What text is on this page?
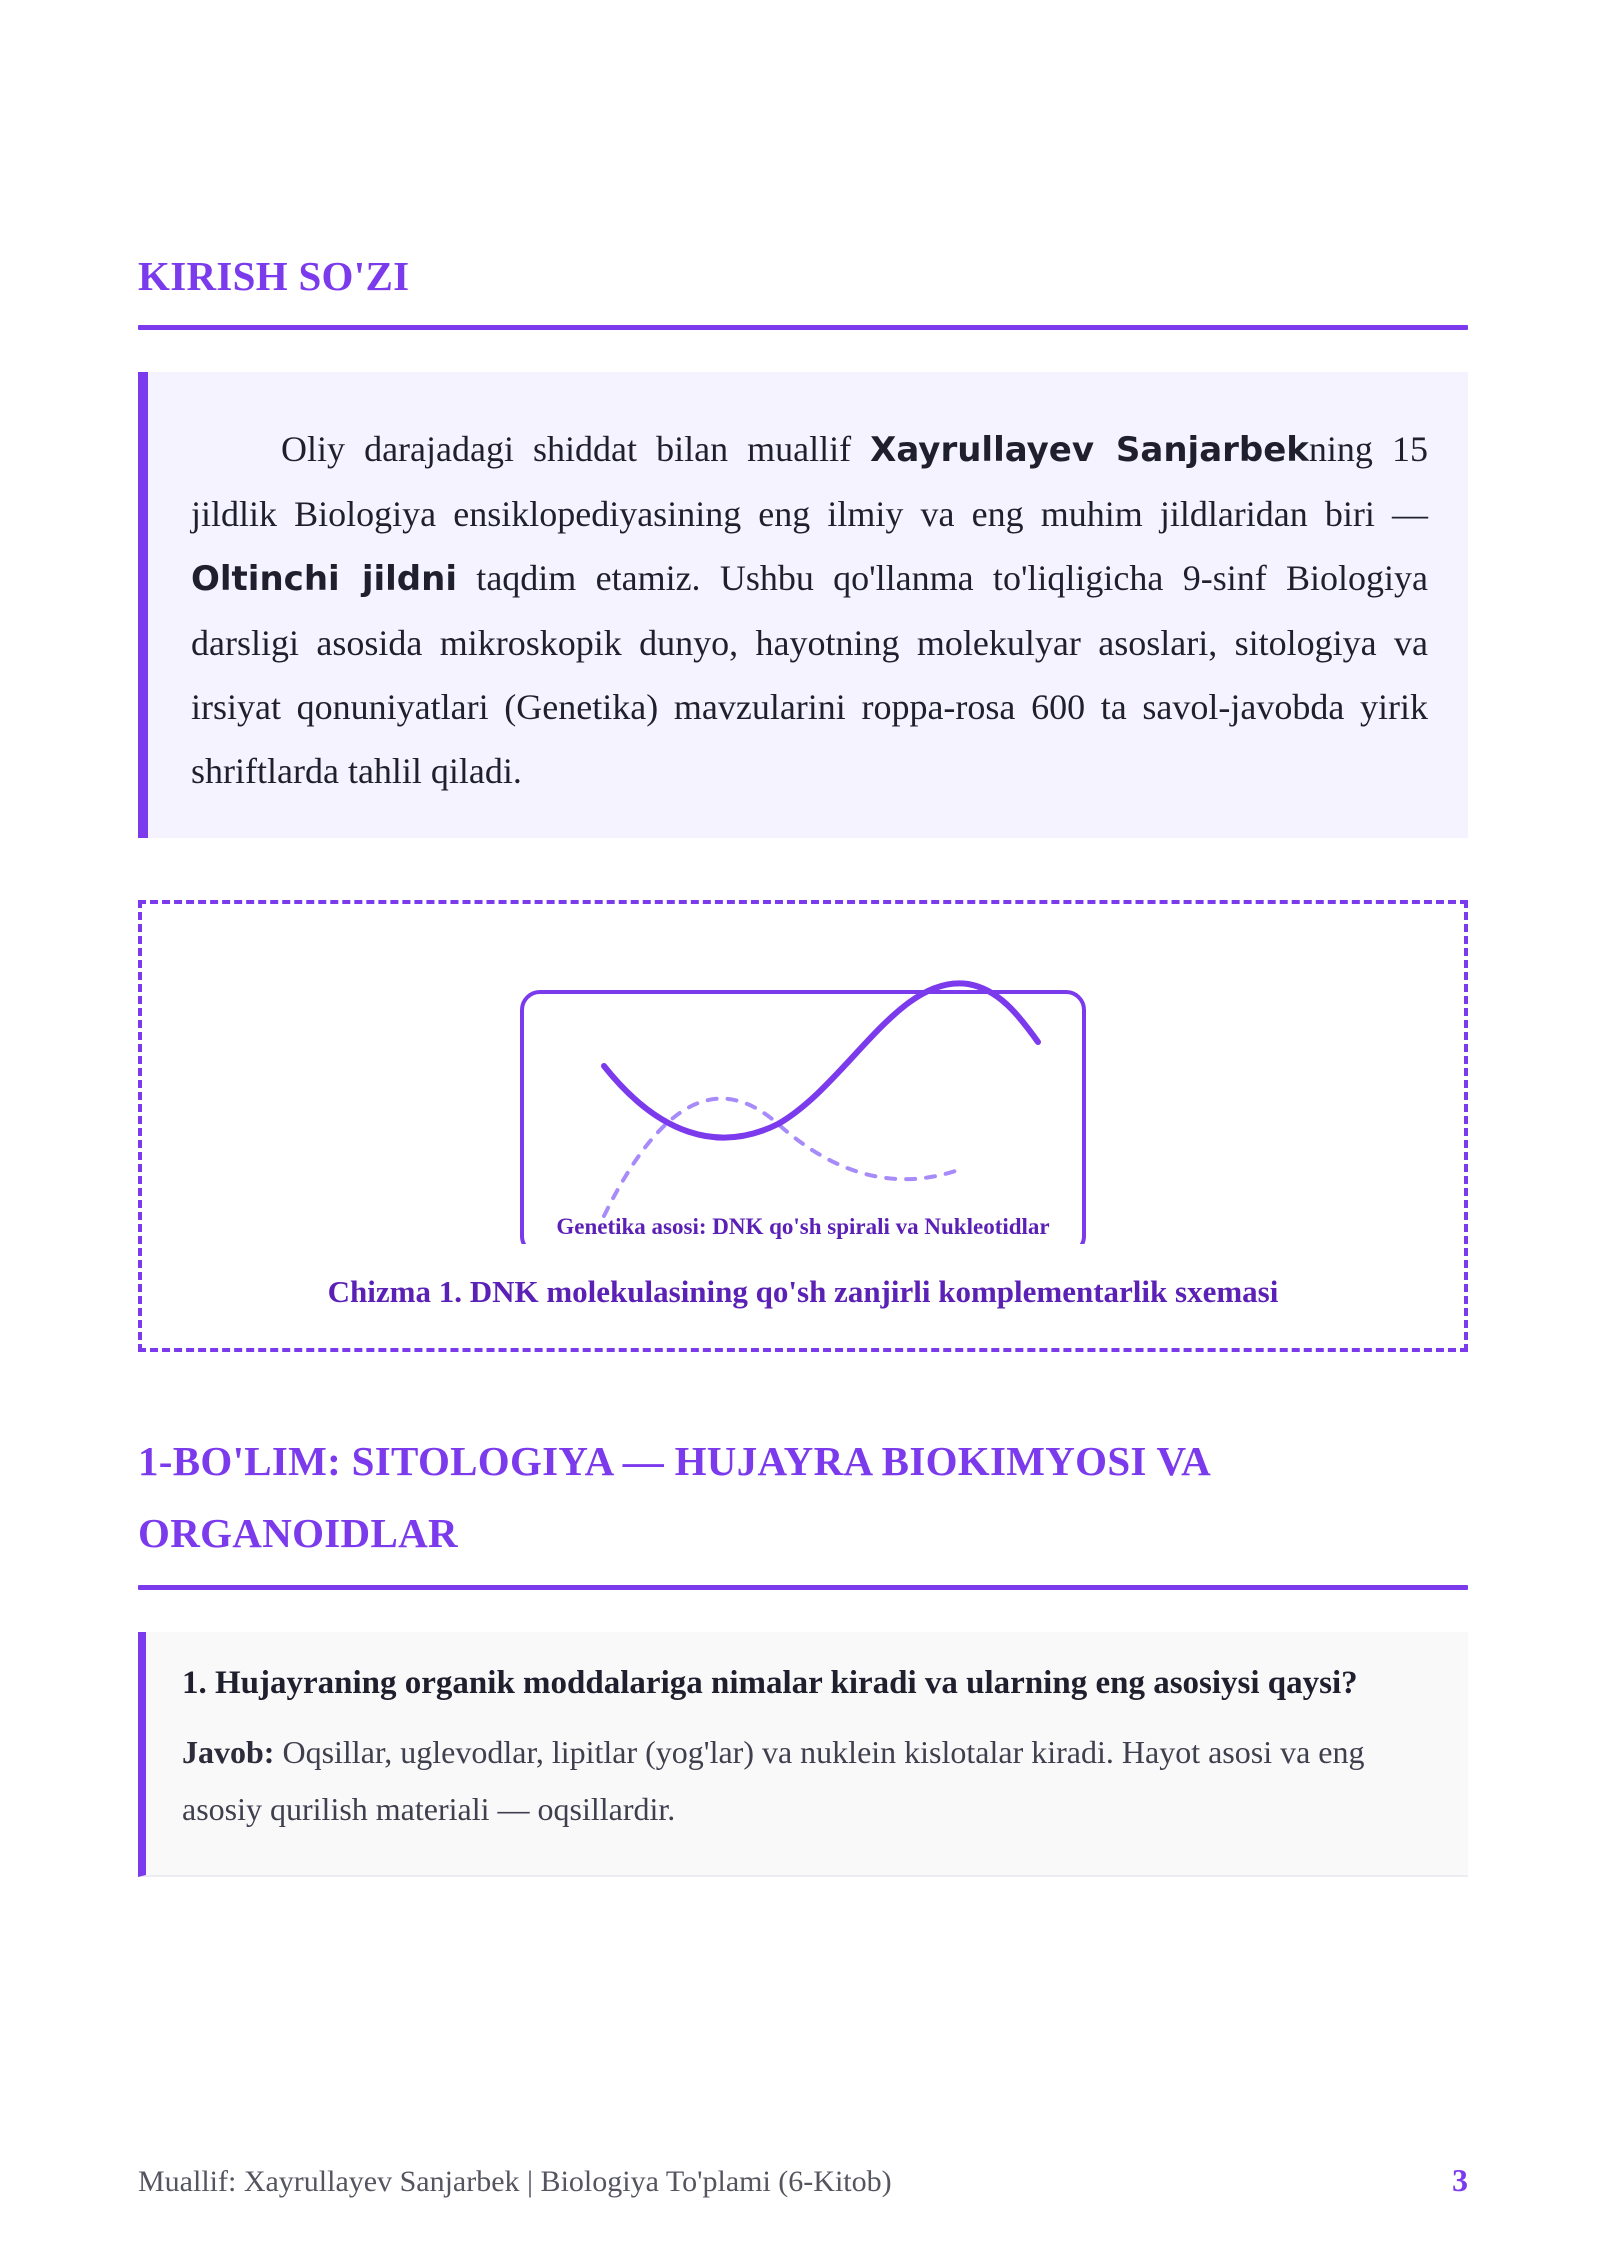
KIRISH SO'ZI

Oliy darajadagi shiddat bilan muallif Xayrullayev Sanjarbekning 15 jildlik Biologiya ensiklopediyasining eng ilmiy va eng muhim jildlaridan biri — Oltinchi jildni taqdim etamiz. Ushbu qo'llanma to'liqligicha 9-sinf Biologiya darsligi asosida mikroskopik dunyo, hayotning molekulyar asoslari, sitologiya va irsiyat qonuniyatlari (Genetika) mavzularini roppa-rosa 600 ta savol-javobda yirik shriftlarda tahlil qiladi.

Genetika asosi: DNK qo'sh spirali va Nukleotidlar

Chizma 1. DNK molekulasining qo'sh zanjirli komplementarlik sxemasi

1-BO'LIM: SITOLOGIYA — HUJAYRA BIOKIMYOSI VA ORGANOIDLAR

1. Hujayraning organik moddalariga nimalar kiradi va ularning eng asosiysi qaysi?

Javob: Oqsillar, uglevodlar, lipitlar (yog'lar) va nuklein kislotalar kiradi. Hayot asosi va eng asosiy qurilish materiali — oqsillardir.

Muallif: Xayrullayev Sanjarbek | Biologiya To'plami (6-Kitob)	3
